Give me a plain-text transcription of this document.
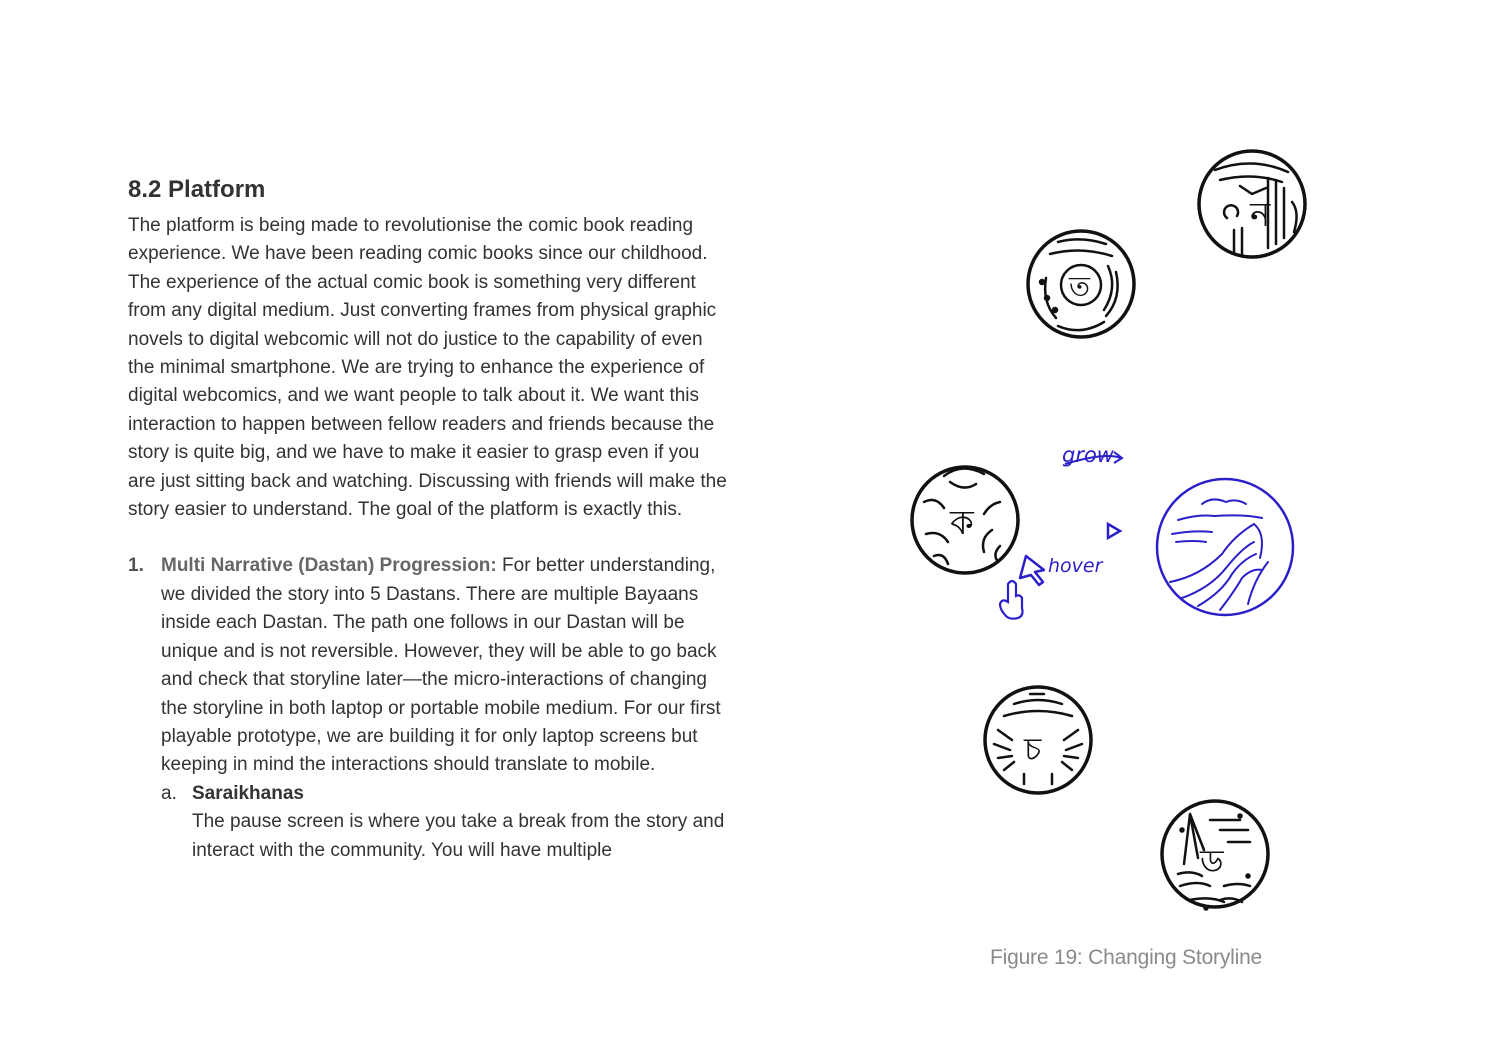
8.2 Platform

The platform is being made to revolutionise the comic book reading experience. We have been reading comic books since our childhood. The experience of the actual comic book is something very different from any digital medium. Just converting frames from physical graphic novels to digital webcomic will not do justice to the capability of even the minimal smartphone. We are trying to enhance the experience of digital webcomics, and we want people to talk about it. We want this interaction to happen between fellow readers and friends because the story is quite big, and we have to make it easier to grasp even if you are just sitting back and watching. Discussing with friends will make the story easier to understand. The goal of the platform is exactly this.

1. Multi Narrative (Dastan) Progression: For better understanding, we divided the story into 5 Dastans. There are multiple Bayaans inside each Dastan. The path one follows in our Dastan will be unique and is not reversible. However, they will be able to go back and check that storyline later—the micro-interactions of changing the storyline in both laptop or portable mobile medium. For our first playable prototype, we are building it for only laptop screens but keeping in mind the interactions should translate to mobile.
a. Saraikhanas
The pause screen is where you take a break from the story and interact with the community. You will have multiple
ন
ত
ক
grow
hover
চ
ড
Figure 19: Changing Storyline
